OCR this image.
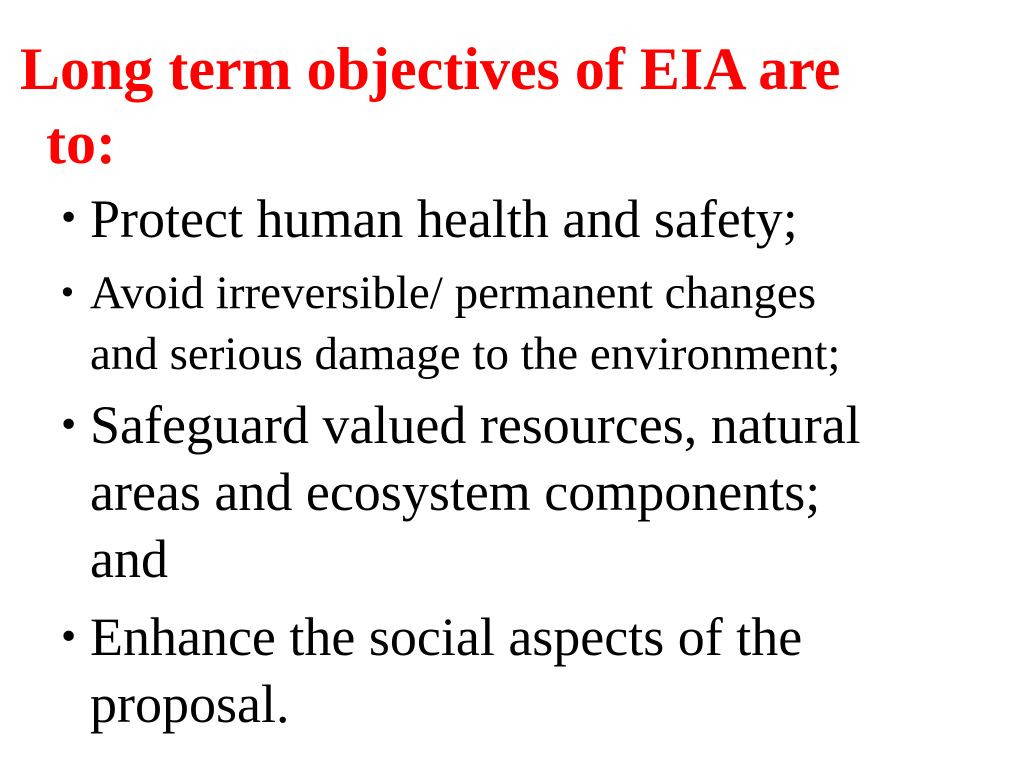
Long term objectives of EIA are
to:
• Protect human health and safety;
• Avoid irreversible/ permanent changes
and serious damage to the environment;
• Safeguard valued resources, natural
areas and ecosystem components;
and
• Enhance the social aspects of the
proposal.
